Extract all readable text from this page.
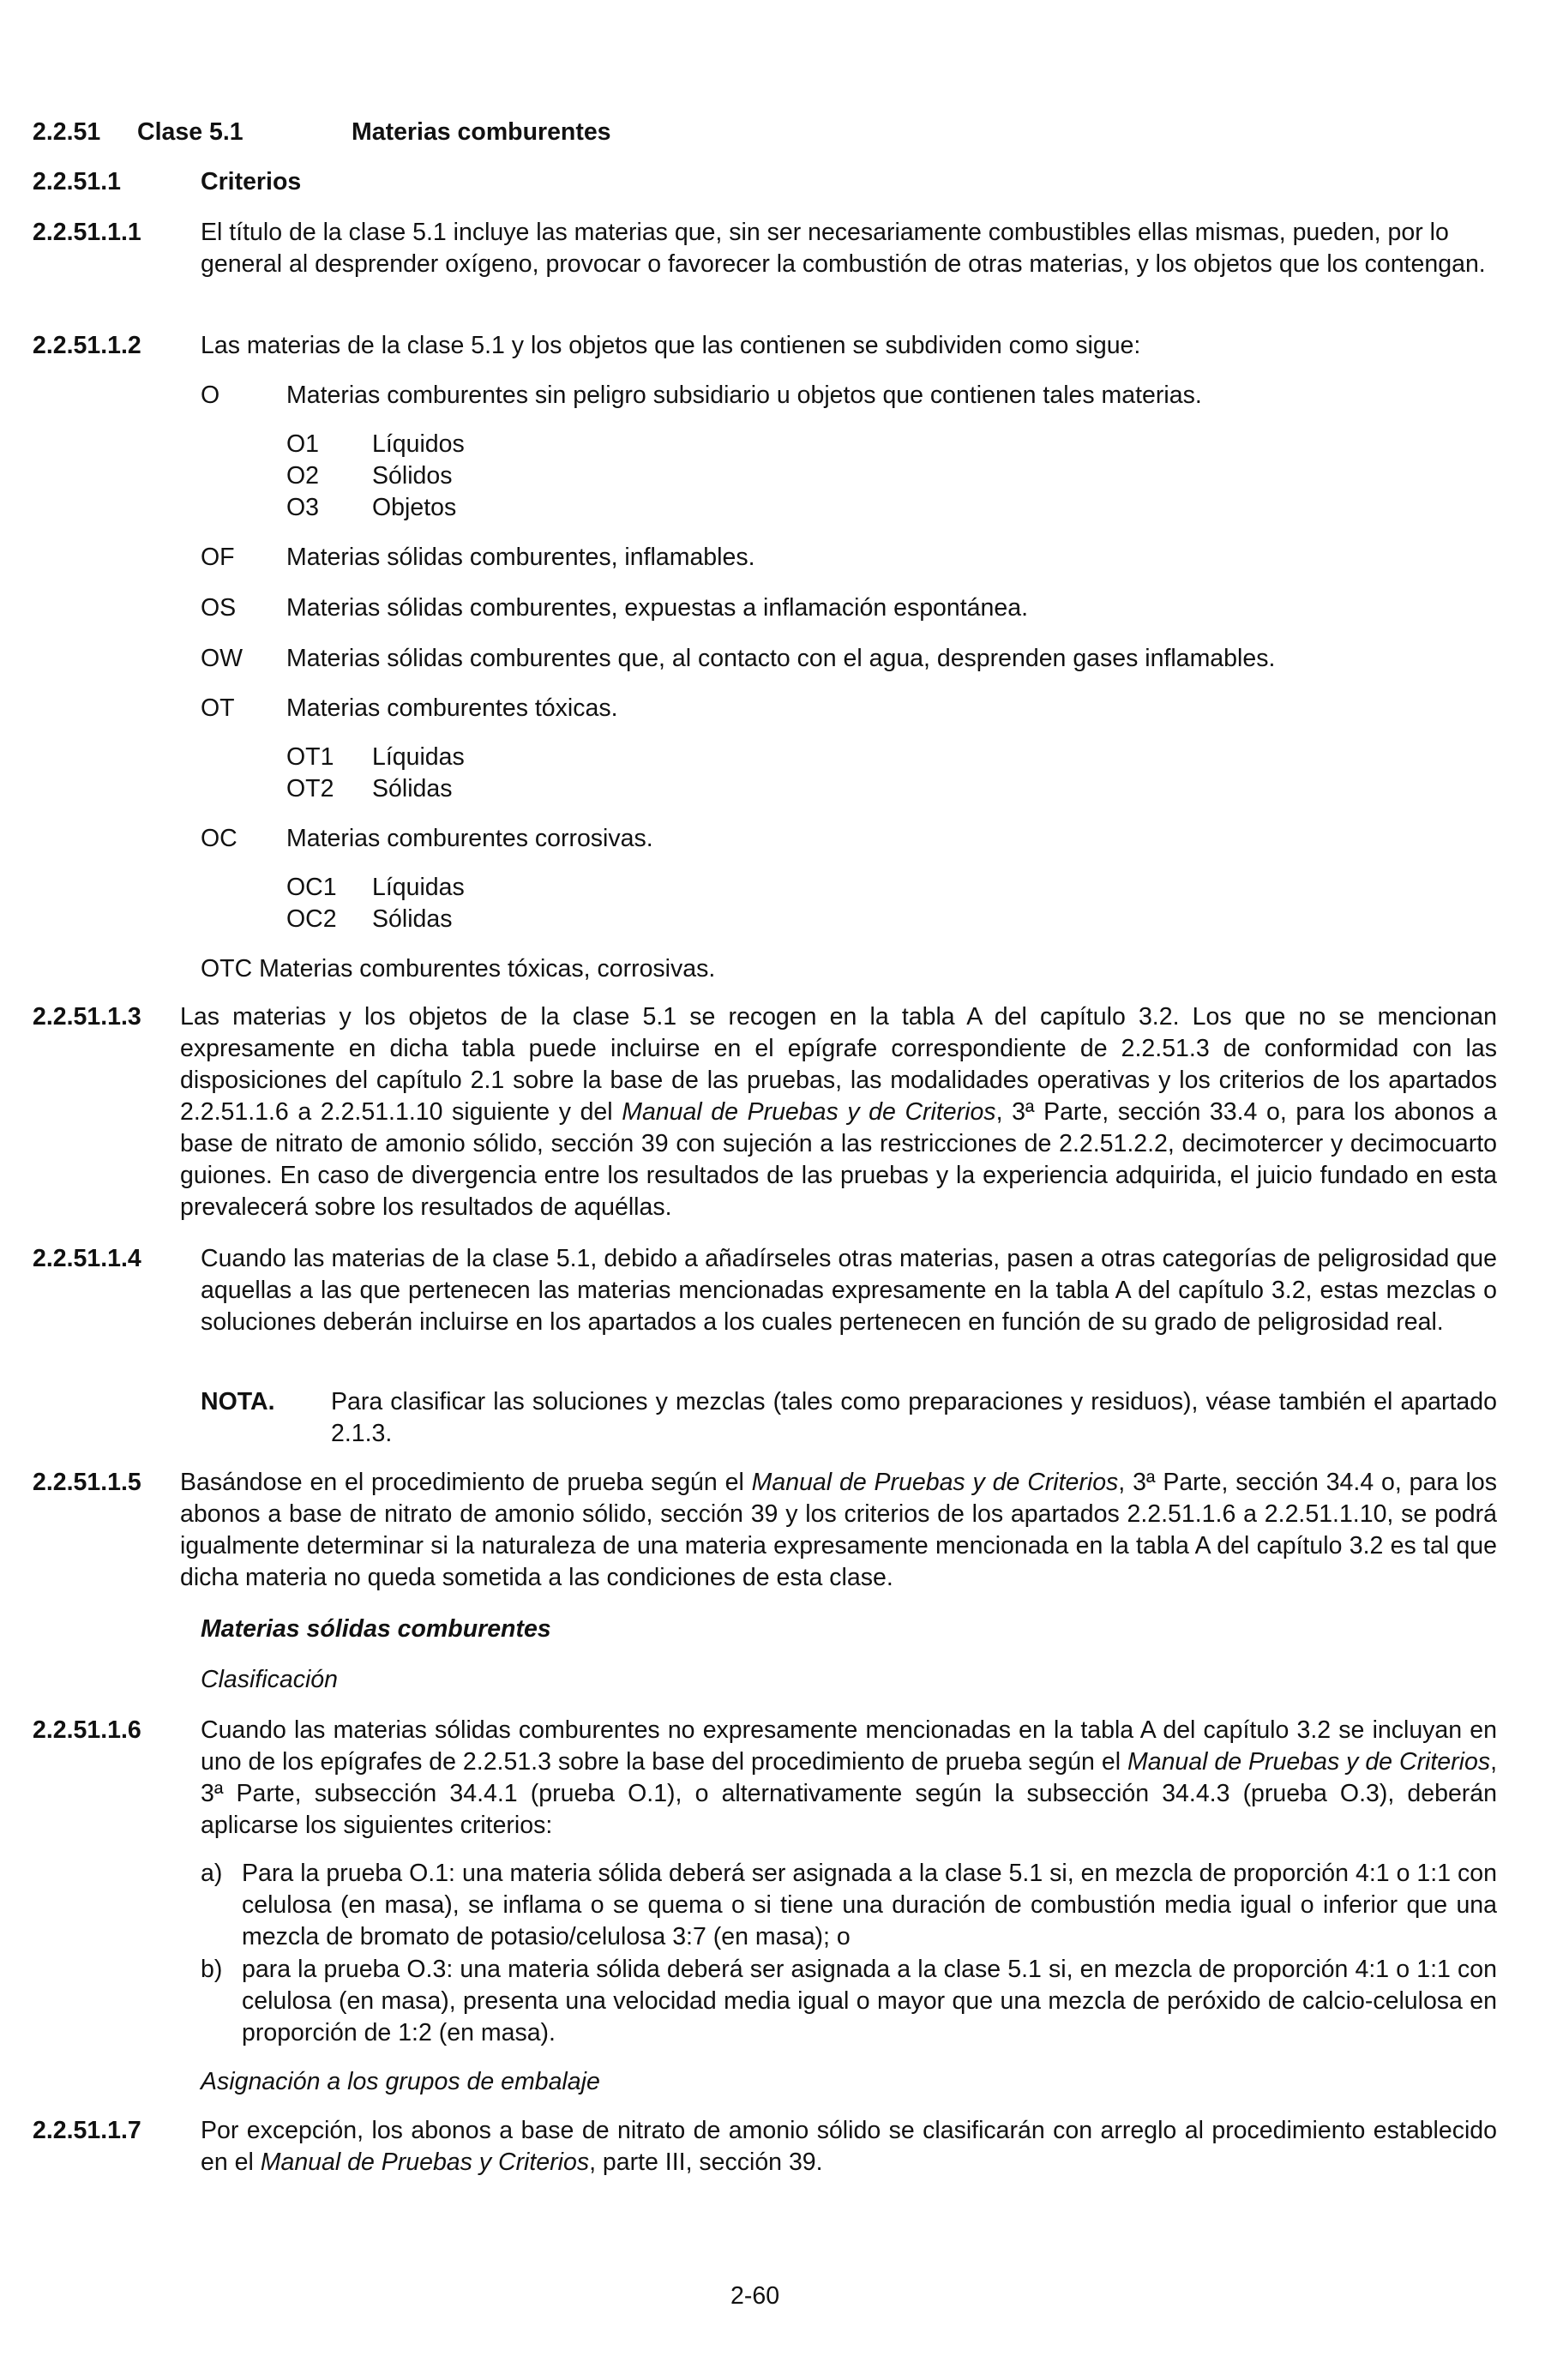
2.2.51 Clase 5.1	Materias comburentes
2.2.51.1	Criterios
2.2.51.1.1 El título de la clase 5.1 incluye las materias que, sin ser necesariamente combustibles ellas mismas, pueden, por lo general al desprender oxígeno, provocar o favorecer la combustión de otras materias, y los objetos que los contengan.

2.2.51.1.2 Las materias de la clase 5.1 y los objetos que las contienen se subdividen como sigue:

O	Materias comburentes sin peligro subsidiario u objetos que contienen tales materias.
O1 Líquidos
O2 Sólidos
O3 Objetos
OF Materias sólidas comburentes, inflamables.
OS Materias sólidas comburentes, expuestas a inflamación espontánea.
OW Materias sólidas comburentes que, al contacto con el agua, desprenden gases inflamables.
OT Materias comburentes tóxicas.
OT1 Líquidas
OT2 Sólidas
OC Materias comburentes corrosivas.
OC1 Líquidas
OC2 Sólidas
OTC Materias comburentes tóxicas, corrosivas.
2.2.51.1.3 Las materias y los objetos de la clase 5.1 se recogen en la tabla A del capítulo 3.2. Los que no se mencionan expresamente en dicha tabla puede incluirse en el epígrafe correspondiente de 2.2.51.3 de conformidad con las disposiciones del capítulo 2.1 sobre la base de las pruebas, las modalidades operativas y los criterios de los apartados 2.2.51.1.6 a 2.2.51.1.10 siguiente y del Manual de Pruebas y de Criterios, 3ª Parte, sección 33.4 o, para los abonos a base de nitrato de amonio sólido, sección 39 con sujeción a las restricciones de 2.2.51.2.2, decimotercer y decimocuarto guiones. En caso de divergencia entre los resultados de las pruebas y la experiencia adquirida, el juicio fundado en esta prevalecerá sobre los resultados de aquéllas.

2.2.51.1.4 Cuando las materias de la clase 5.1, debido a añadírseles otras materias, pasen a otras categorías de peligrosidad que aquellas a las que pertenecen las materias mencionadas expresamente en la tabla A del capítulo 3.2, estas mezclas o soluciones deberán incluirse en los apartados a los cuales pertenecen en función de su grado de peligrosidad real.

NOTA. Para clasificar las soluciones y mezclas (tales como preparaciones y residuos), véase también el apartado 2.1.3.

2.2.51.1.5 Basándose en el procedimiento de prueba según el Manual de Pruebas y de Criterios, 3ª Parte, sección 34.4 o, para los abonos a base de nitrato de amonio sólido, sección 39 y los criterios de los apartados 2.2.51.1.6 a 2.2.51.1.10, se podrá igualmente determinar si la naturaleza de una materia expresamente mencionada en la tabla A del capítulo 3.2 es tal que dicha materia no queda sometida a las condiciones de esta clase.

Materias sólidas comburentes
Clasificación
2.2.51.1.6 Cuando las materias sólidas comburentes no expresamente mencionadas en la tabla A del capítulo 3.2 se incluyan en uno de los epígrafes de 2.2.51.3 sobre la base del procedimiento de prueba según el Manual de Pruebas y de Criterios, 3ª Parte, subsección 34.4.1 (prueba O.1), o alternativamente según la subsección 34.4.3 (prueba O.3), deberán aplicarse los siguientes criterios:

a) Para la prueba O.1: una materia sólida deberá ser asignada a la clase 5.1 si, en mezcla de proporción 4:1 o 1:1 con celulosa (en masa), se inflama o se quema o si tiene una duración de combustión media igual o inferior que una mezcla de bromato de potasio/celulosa 3:7 (en masa); o

b) para la prueba O.3: una materia sólida deberá ser asignada a la clase 5.1 si, en mezcla de proporción 4:1 o 1:1 con celulosa (en masa), presenta una velocidad media igual o mayor que una mezcla de peróxido de calcio-celulosa en proporción de 1:2 (en masa).

Asignación a los grupos de embalaje
2.2.51.1.7 Por excepción, los abonos a base de nitrato de amonio sólido se clasificarán con arreglo al procedimiento establecido en el Manual de Pruebas y Criterios, parte III, sección 39.

2-60
